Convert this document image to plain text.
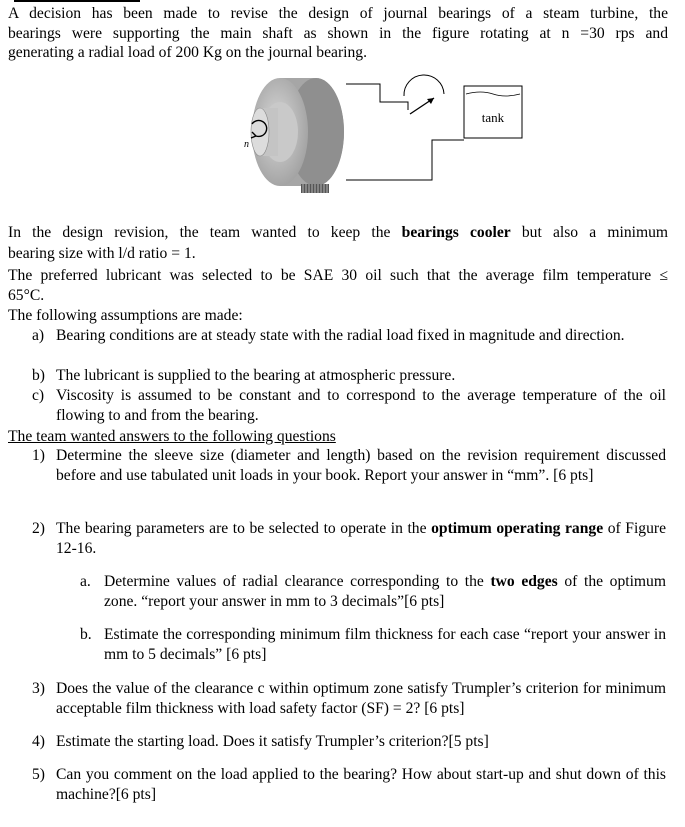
A decision has been made to revise the design of journal bearings of a steam turbine, the
bearings were supporting the main shaft as shown in the figure rotating at n =30 rps and
generating a radial load of 200 Kg on the journal bearing.
n
tank
In the design revision, the team wanted to keep the bearings cooler but also a minimum
bearing size with l/d ratio = 1.
The preferred lubricant was selected to be SAE 30 oil such that the average film temperature ≤
65°C.
The following assumptions are made:
a) Bearing conditions are at steady state with the radial load fixed in magnitude and direction.
b) The lubricant is supplied to the bearing at atmospheric pressure.
c) Viscosity is assumed to be constant and to correspond to the average temperature of the oil flowing to and from the bearing.
The team wanted answers to the following questions
1) Determine the sleeve size (diameter and length) based on the revision requirement discussed before and use tabulated unit loads in your book. Report your answer in “mm”. [6 pts]
2) The bearing parameters are to be selected to operate in the optimum operating range of Figure 12-16.
a. Determine values of radial clearance corresponding to the two edges of the optimum zone. “report your answer in mm to 3 decimals”[6 pts]
b. Estimate the corresponding minimum film thickness for each case “report your answer in mm to 5 decimals” [6 pts]
3) Does the value of the clearance c within optimum zone satisfy Trumpler’s criterion for minimum acceptable film thickness with load safety factor (SF) = 2? [6 pts]
4) Estimate the starting load. Does it satisfy Trumpler’s criterion?[5 pts]
5) Can you comment on the load applied to the bearing? How about start-up and shut down of this machine?[6 pts]
